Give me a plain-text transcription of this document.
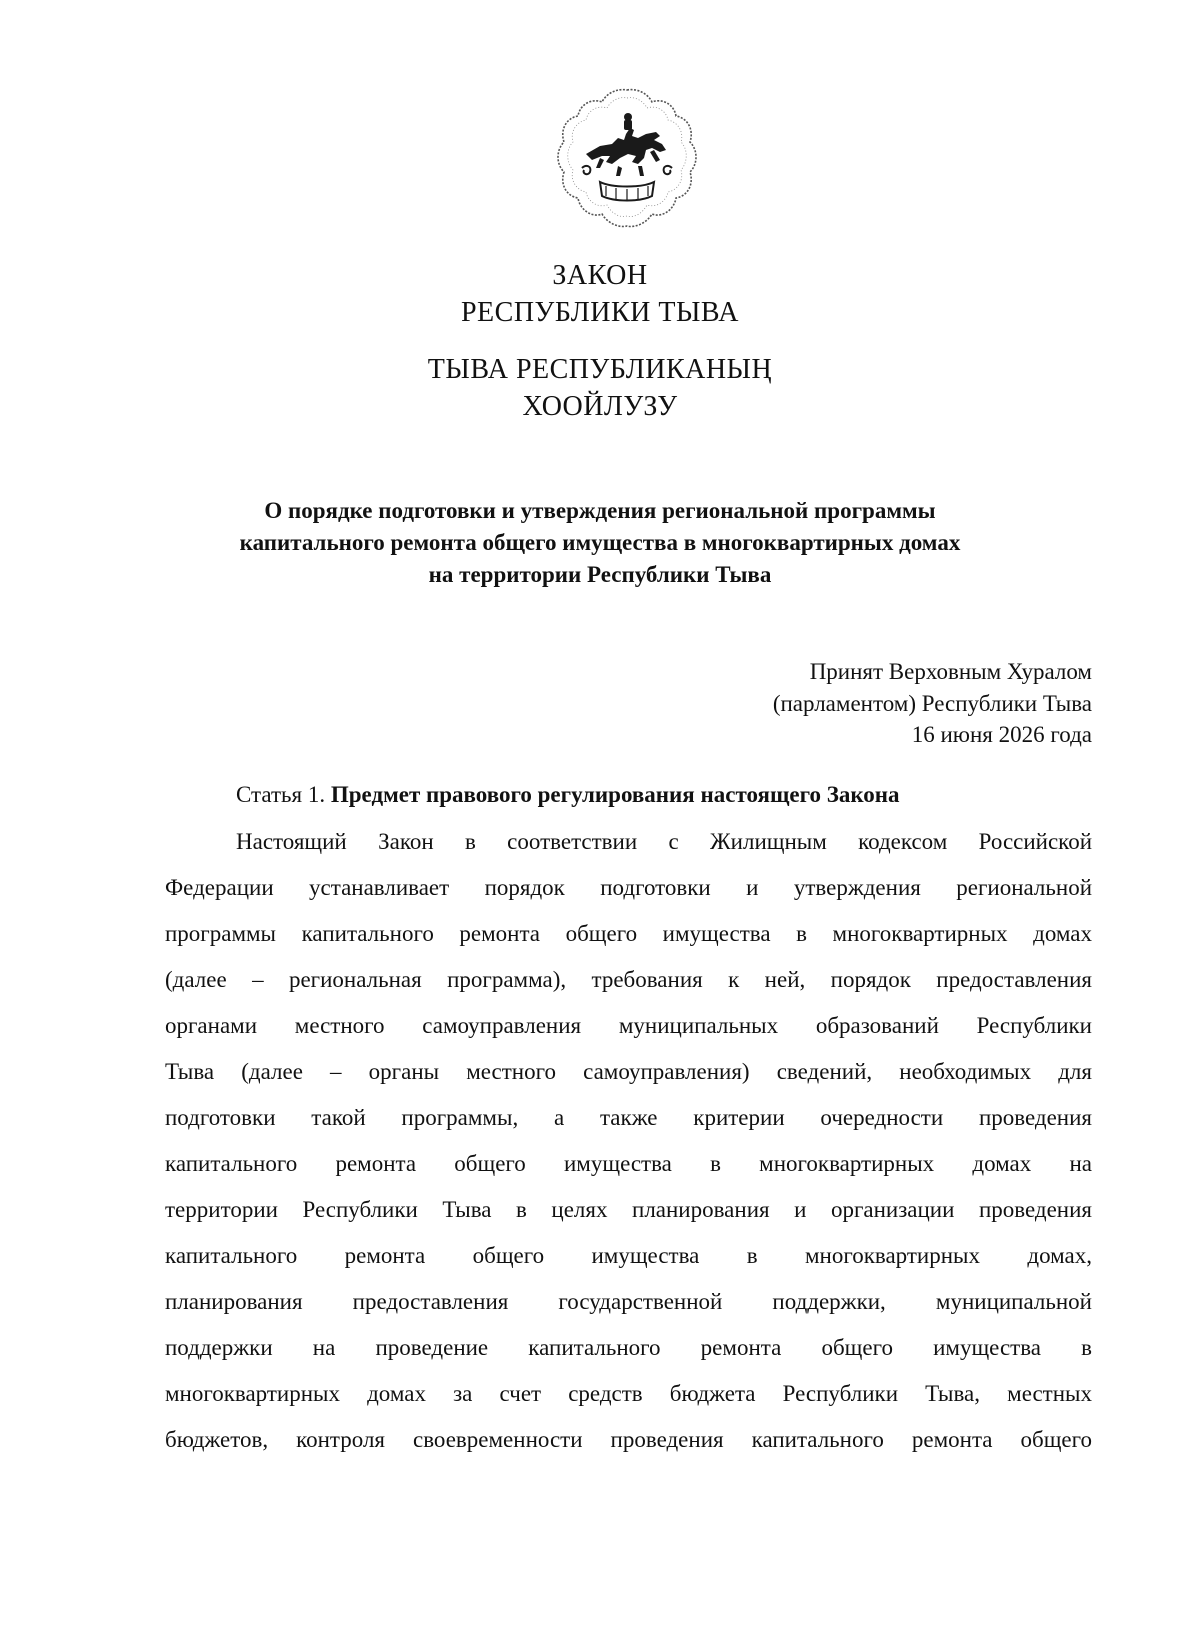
ЗАКОН
РЕСПУБЛИКИ ТЫВА
ТЫВА РЕСПУБЛИКАНЫҢ
ХООЙЛУЗУ
О порядке подготовки и утверждения региональной программы
капитального ремонта общего имущества в многоквартирных домах
на территории Республики Тыва
Принят Верховным Хуралом
(парламентом) Республики Тыва
16 июня 2026 года
Статья 1. Предмет правового регулирования настоящего Закона
Настоящий Закон в соответствии с Жилищным кодексом Российской
Федерации устанавливает порядок подготовки и утверждения региональной
программы капитального ремонта общего имущества в многоквартирных домах
(далее – региональная программа), требования к ней, порядок предоставления
органами местного самоуправления муниципальных образований Республики
Тыва (далее – органы местного самоуправления) сведений, необходимых для
подготовки такой программы, а также критерии очередности проведения
капитального ремонта общего имущества в многоквартирных домах на
территории Республики Тыва в целях планирования и организации проведения
капитального ремонта общего имущества в многоквартирных домах,
планирования предоставления государственной поддержки, муниципальной
поддержки на проведение капитального ремонта общего имущества в
многоквартирных домах за счет средств бюджета Республики Тыва, местных
бюджетов, контроля своевременности проведения капитального ремонта общего
